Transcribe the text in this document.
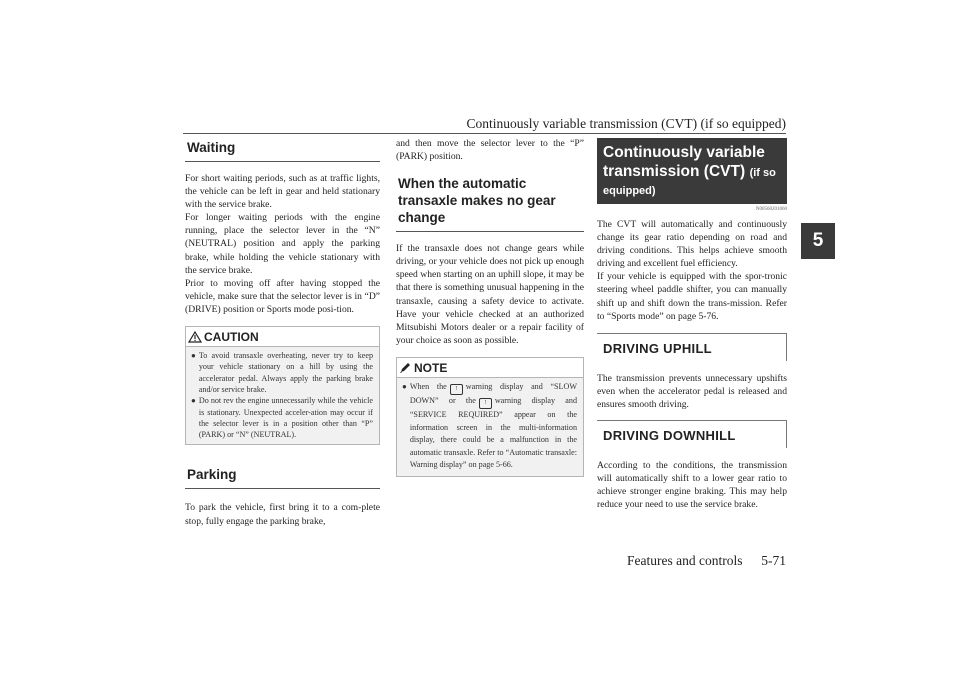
Continuously variable transmission (CVT) (if so equipped)
5
Waiting

For short waiting periods, such as at traffic lights, the vehicle can be left in gear and held stationary with the service brake.

For longer waiting periods with the engine running, place the selector lever in the “N” (NEUTRAL) position and apply the parking brake, while holding the vehicle stationary with the service brake.

Prior to moving off after having stopped the vehicle, make sure that the selector lever is in “D” (DRIVE) position or Sports mode posi-tion.

CAUTION
● To avoid transaxle overheating, never try to keep your vehicle stationary on a hill by using the accelerator pedal. Always apply the parking brake and/or service brake.
● Do not rev the engine unnecessarily while the vehicle is stationary. Unexpected acceler-ation may occur if the selector lever is in a position other than “P” (PARK) or “N” (NEUTRAL).
Parking
To park the vehicle, first bring it to a com-plete stop, fully engage the parking brake,
and then move the selector lever to the “P” (PARK) position.
When the automatic transaxle makes no gear change
If the transaxle does not change gears while driving, or your vehicle does not pick up enough speed when starting on an uphill slope, it may be that there is something unusual happening in the transaxle, causing a safety device to activate. Have your vehicle checked at an authorized Mitsubishi Motors dealer or a repair facility of your choice as soon as possible.
NOTE
● When the ! warning display and “SLOW DOWN” or the ! warning display and “SERVICE REQUIRED” appear on the information screen in the multi-information display, there could be a malfunction in the automatic transaxle. Refer to “Automatic transaxle: Warning display” on page 5-66.
Continuously variable transmission (CVT) (if so equipped)
N00560201060

The CVT will automatically and continuously change its gear ratio depending on road and driving conditions. This helps achieve smooth driving and excellent fuel efficiency.

If your vehicle is equipped with the spor-tronic steering wheel paddle shifter, you can manually shift up and shift down the trans-mission. Refer to “Sports mode” on page 5-76.

DRIVING UPHILL
The transmission prevents unnecessary upshifts even when the accelerator pedal is released and ensures smooth driving.
DRIVING DOWNHILL
According to the conditions, the transmission will automatically shift to a lower gear ratio to achieve stronger engine braking. This may help reduce your need to use the service brake.
Features and controls 5-71
